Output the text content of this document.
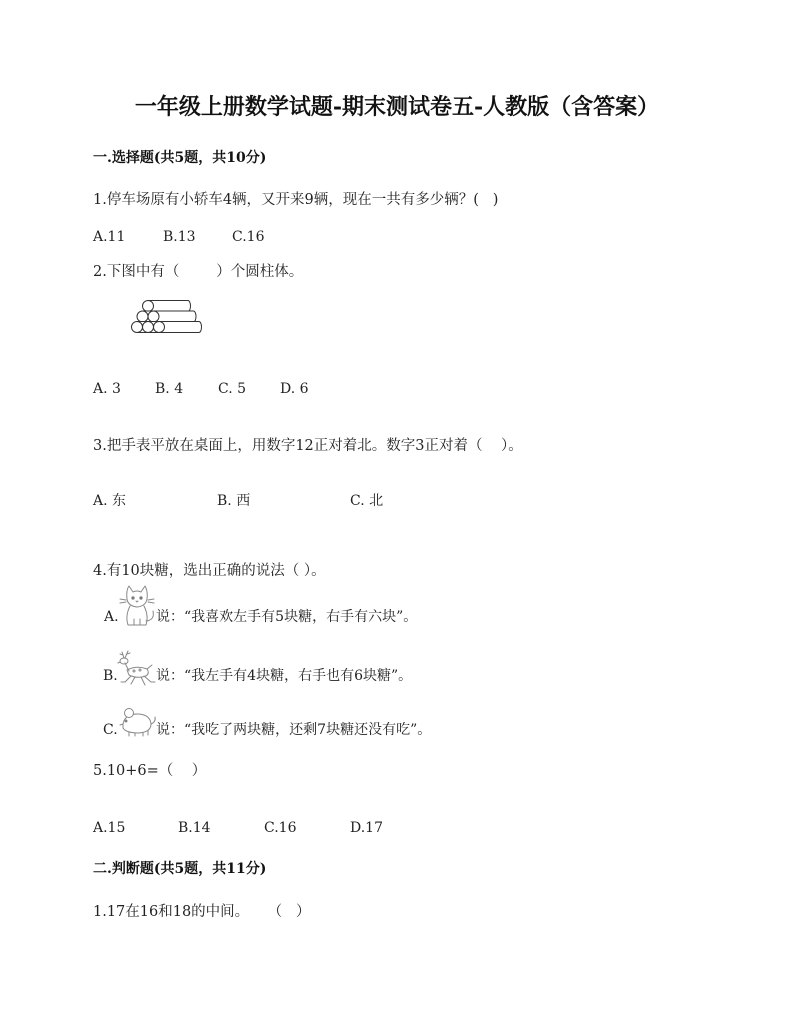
一年级上册数学试题-期末测试卷五-人教版（含答案）
一.选择题(共5题，共10分)
1.停车场原有小轿车4辆，又开来9辆，现在一共有多少辆？(   )
A.11	B.13	C.16
2.下图中有（        ）个圆柱体。
A. 3 B. 4 C. 5 D. 6
3.把手表平放在桌面上，用数字12正对着北。数字3正对着（    ）。
A. 东	B. 西	C. 北
4.有10块糖，选出正确的说法（ ）。
A.	说：“我喜欢左手有5块糖，右手有六块”。
B.	说：“我左手有4块糖，右手也有6块糖”。
C.	说：“我吃了两块糖，还剩7块糖还没有吃”。
5.10+6=（    ）
A.15	B.14	C.16	D.17
二.判断题(共5题，共11分)
1.17在16和18的中间。    （   ）
